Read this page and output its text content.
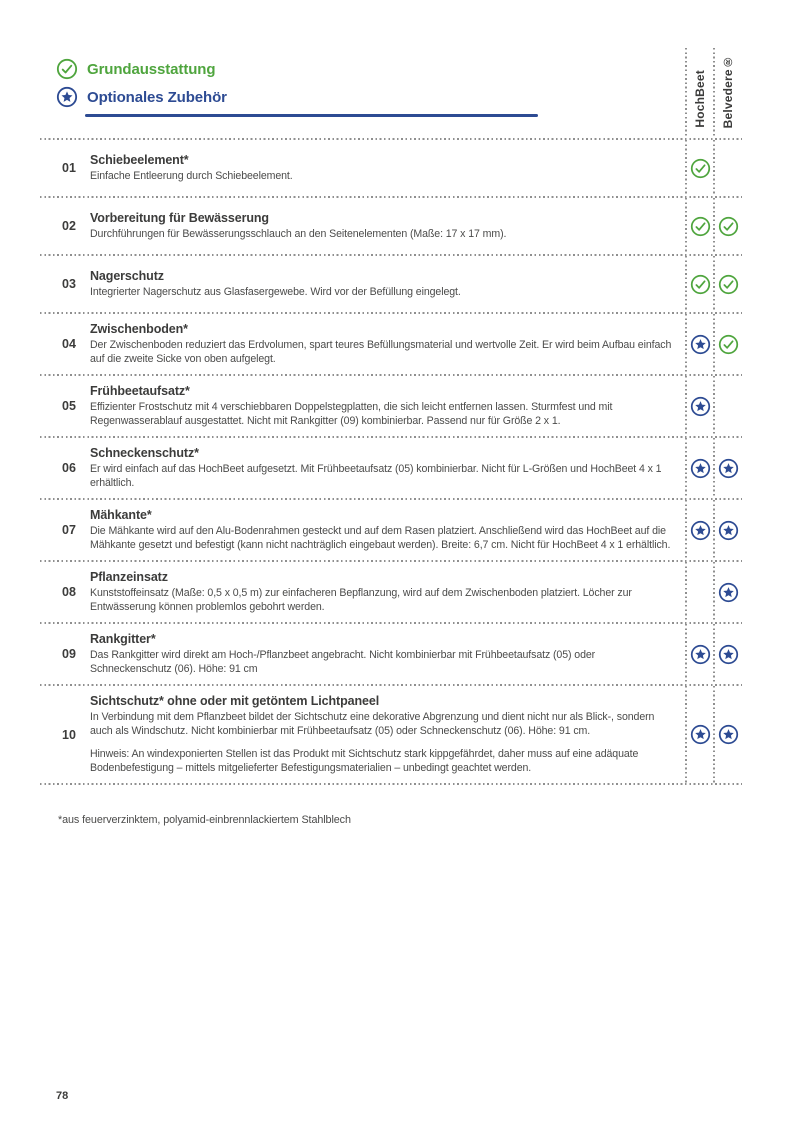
Grundausstattung
Optionales Zubehör	HochBeet Belvedere®
01
Schiebeelement*

Einfache Entleerung durch Schiebeelement.

02
Vorbereitung für Bewässerung

Durchführungen für Bewässerungsschlauch an den Seitenelementen (Maße: 17 x 17 mm).

03
Nagerschutz

Integrierter Nagerschutz aus Glasfasergewebe. Wird vor der Befüllung eingelegt.

04
Zwischenboden*

Der Zwischenboden reduziert das Erdvolumen, spart teures Befüllungsmaterial und wertvolle Zeit. Er wird beim Aufbau einfach auf die zweite Sicke von oben aufgelegt.

05
Frühbeetaufsatz*

Effizienter Frostschutz mit 4 verschiebbaren Doppelstegplatten, die sich leicht entfernen lassen. Sturmfest und mit Regenwasserablauf ausgestattet. Nicht mit Rankgitter (09) kombinierbar. Passend nur für Größe 2 x 1.

06
Schneckenschutz*

Er wird einfach auf das HochBeet aufgesetzt. Mit Frühbeetaufsatz (05) kombinierbar. Nicht für L-Größen und HochBeet 4 x 1 erhältlich.

07
Mähkante*

Die Mähkante wird auf den Alu-Bodenrahmen gesteckt und auf dem Rasen platziert. Anschließend wird das HochBeet auf die Mähkante gesetzt und befestigt (kann nicht nachträglich eingebaut werden). Breite: 6,7 cm. Nicht für HochBeet 4 x 1 erhältlich.

08
Pflanzeinsatz

Kunststoffeinsatz (Maße: 0,5 x 0,5 m) zur einfacheren Bepflanzung, wird auf dem Zwischenboden platziert. Löcher zur Entwässerung können problemlos gebohrt werden.

09
Rankgitter*

Das Rankgitter wird direkt am Hoch-/Pflanzbeet angebracht. Nicht kombinierbar mit Frühbeetaufsatz (05) oder Schneckenschutz (06). Höhe: 91 cm

10
Sichtschutz* ohne oder mit getöntem Lichtpaneel

In Verbindung mit dem Pflanzbeet bildet der Sichtschutz eine dekorative Abgrenzung und dient nicht nur als Blick-, sondern auch als Windschutz. Nicht kombinierbar mit Frühbeetaufsatz (05) oder Schneckenschutz (06). Höhe: 91 cm.

Hinweis: An windexponierten Stellen ist das Produkt mit Sichtschutz stark kippgefährdet, daher muss auf eine adäquate Bodenbefestigung – mittels mitgelieferter Befestigungsmaterialien – unbedingt geachtet werden.

*aus feuerverzinktem, polyamid-einbrennlackiertem Stahlblech
78
